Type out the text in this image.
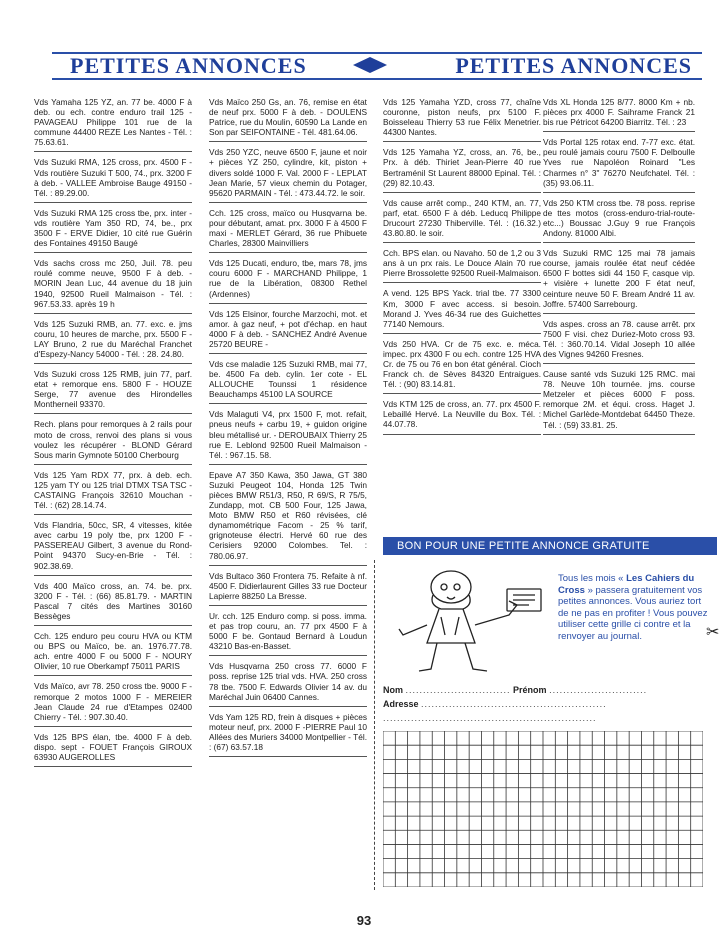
PETITES ANNONCES	PETITES ANNONCES

Vds Yamaha 125 YZ, an. 77 be. 4000 F à deb. ou ech. contre enduro trail 125 - PAVAGEAU Philippe 101 rue de la commune 44400 REZE Les Nantes - Tél. : 75.63.61.

Vds Suzuki RMA, 125 cross, prx. 4500 F - Vds routière Suzuki T 500, 74., prx. 3200 F à deb. - VALLEE Ambroise Bauge 49150 - Tél. : 89.29.00.

Vds Suzuki RMA 125 cross tbe, prx. inter - vds routière Yam 350 RD, 74, be., prx 3500 F - ERVE Didier, 10 cité rue Guérin des Fontaines 49150 Baugé

Vds sachs cross mc 250, Juil. 78. peu roulé comme neuve, 9500 F à deb. - MORIN Jean Luc, 44 avenue du 18 juin 1940, 92500 Rueil Malmaison - Tél. : 967.53.33. après 19 h

Vds 125 Suzuki RMB, an. 77. exc. e. jms couru, 10 heures de marche, prx. 5500 F - LAY Bruno, 2 rue du Maréchal Franchet d'Espezy-Nancy 54000 - Tél. : 28. 24.80.

Vds Suzuki cross 125 RMB, juin 77, parf. etat + remorque ens. 5800 F - HOUZE Serge, 77 avenue des Hirondelles Montherneil 93370.

Rech. plans pour remorques à 2 rails pour moto de cross, renvoi des plans si vous voulez les récupérer - BLOND Gérard Sous marin Gymnote 50100 Cherbourg

Vds 125 Yam RDX 77, prx. à deb. ech. 125 yam TY ou 125 trial DTMX TSA TSC - CASTAING François 32610 Mouchan - Tél. : (62) 28.14.74.

Vds Flandria, 50cc, SR, 4 vitesses, kitée avec carbu 19 poly tbe, prx 1200 F - PASSEREAU Gilbert, 3 avenue du Rond-Point 94370 Sucy-en-Brie - Tél. : 902.38.69.

Vds 400 Maïco cross, an. 74. be. prx. 3200 F - Tél. : (66) 85.81.79. - MARTIN Pascal 7 cités des Martines 30160 Bessèges

Cch. 125 enduro peu couru HVA ou KTM ou BPS ou Maïco, be. an. 1976.77.78. ach. entre 4000 F ou 5000 F - NOURY Olivier, 10 rue Oberkampf 75011 PARIS

Vds Maïco, avr 78. 250 cross tbe. 9000 F - remorque 2 motos 1000 F - MEREIER Jean Claude 24 rue d'Etampes 02400 Chierry - Tél. : 907.30.40.

Vds 125 BPS élan, tbe. 4000 F à deb. dispo. sept - FOUET François GIROUX 63930 AUGEROLLES

Vds Maïco 250 Gs, an. 76, remise en état de neuf prx. 5000 F à deb. - DOULENS Patrice, rue du Moulin, 60590 La Lande en Son par SEIFONTAINE - Tél. 481.64.06.

Vds 250 YZC, neuve 6500 F, jaune et noir + pièces YZ 250, cylindre, kit, piston + divers soldé 1000 F. Val. 2000 F - LEPLAT Jean Marie, 57 vieux chemin du Potager, 95620 PARMAIN - Tél. : 473.44.72. le soir.

Cch. 125 cross, maïco ou Husqvarna be. pour débutant, amat. prx. 3000 F à 4500 F maxi - MERLET Gérard, 36 rue Phibuete Charles, 28300 Mainvilliers

Vds 125 Ducati, enduro, tbe, mars 78, jms couru 6000 F - MARCHAND Philippe, 1 rue de la Libération, 08300 Rethel (Ardennes)

Vds 125 Elsinor, fourche Marzochi, mot. et amor. à gaz neuf, + pot d'échap. en haut 4000 F à deb. - SANCHEZ André Avenue 25720 BEURE -

Vds cse maladie 125 Suzuki RMB, mai 77, be. 4500 Fa deb. cylin. 1er cote - EL ALLOUCHE Tounssi 1 résidence Beauchamps 45100 LA SOURCE

Vds Malaguti V4, prx 1500 F, mot. refait, pneus neufs + carbu 19, + guidon origine bleu métallisé ur. - DEROUBAIX Thierry 25 rue E. Leblond 92500 Rueil Malmaison - Tél. : 967.15. 58.

Epave A7 350 Kawa, 350 Jawa, GT 380 Suzuki Peugeot 104, Honda 125 Twin pièces BMW R51/3, R50, R 69/S, R 75/5, Zundapp, mot. CB 500 Four, 125 Jawa, Moto BMW R50 et R60 révisées, clé dynamométrique Facom - 25 % tarif, grignoteuse électri. Hervé 60 rue des Cerisiers 92000 Colombes. Tel. : 780.06.97.

Vds Bultaco 360 Frontera 75. Refaite à nf. 4500 F. Didierlaurent Gilles 33 rue Docteur Lapierre 88250 La Bresse.

Ur. cch. 125 Enduro comp. si poss. imma. et pas trop couru, an. 77 prx 4500 F à 5000 F be. Gontaud Bernard à Loudun 43210 Bas-en-Basset.

Vds Husqvarna 250 cross 77. 6000 F poss. reprise 125 trial vds. HVA. 250 cross 78 tbe. 7500 F. Edwards Olivier 14 av. du Maréchal Juin 06400 Cannes.

Vds Yam 125 RD, frein à disques + pièces moteur neuf, prx. 2000 F -PIERRE Paul 10 Allées des Muriers 34000 Montpellier - Tél. : (67) 63.57.18

Vds 125 Yamaha YZD, cross 77, chaîne couronne, piston neufs, prx 5100 F. Boisseleau Thierry 53 rue Félix Menetrier. 44300 Nantes.

Vds 125 Yamaha YZ, cross, an. 76, be., Prx. à déb. Thiriet Jean-Pierre 40 rue Bertraménil St Laurent 88000 Epinal. Tél. : (29) 82.10.43.

Vds cause arrêt comp., 240 KTM, an. 77, parf, etat. 6500 F à déb. Leducq Philippe Drucourt 27230 Thiberville. Tél. : (16.32.) 43.80.80. le soir.

Cch. BPS elan. ou Navaho. 50 de 1,2 ou 3 ans à un prx rais. Le Douce Alain 70 rue Pierre Brossolette 92500 Rueil-Malmaison.

A vend. 125 BPS Yack. trial tbe. 77 3300 Km, 3000 F avec access. si besoin. Morand J. Yves 46-34 rue des Guichettes 77140 Nemours.

Vds 250 HVA. Cr de 75 exc. e. méca. impec. prx 4300 F ou ech. contre 125 HVA Cr. de 75 ou 76 en bon état général. Cioch Franck ch. de Sèves 84320 Entraigues. Tél. : (90) 83.14.81.

Vds KTM 125 de cross, an. 77. prx 4500 F. Lebaillé Hervé. La Neuville du Box. Tél. : 44.07.78.

Vds XL Honda 125 8/77. 8000 Km + nb. pièces prx 4000 F. Saihrame Franck 21 bis rue Pétricot 64200 Biarritz. Tél. : 23

Vds Portal 125 rotax end. 7-77 exc. état. peu roulé jamais couru 7500 F. Delboulle Yves rue Napoléon Roinard "Les Charmes n° 3" 76270 Neufchatel. Tél. : (35) 93.06.11.

Vds 250 KTM cross tbe. 78 poss. reprise de ttes motos (cross-enduro-trial-route-etc...) Boussac J.Guy 9 rue François Andony. 81000 Albi.

Vds Suzuki RMC 125 mai 78 jamais course, jamais roulée état neuf cédée 6500 F bottes sidi 44 150 F, casque vip. + visière + lunette 200 F état neuf, ceinture neuve 50 F. Bream André 11 av. Joffre. 57400 Sarrebourg.

Vds aspes. cross an 78. cause arrêt. prx 7500 F visi. chez Duriez-Moto cross 93. Tél. : 360.70.14. Vidal Joseph 10 allée des Vignes 94260 Fresnes.

Cause santé vds Suzuki 125 RMC. mai 78. Neuve 10h tournée. jms. course Metzeler et pièces 6000 F poss. remorque 2M. et équi. cross. Haget J. Michel Garlède-Montdebat 64450 Theze. Tél. : (59) 33.81. 25.

BON POUR UNE PETITE ANNONCE GRATUITE
Tous les mois « Les Cahiers du Cross » passera gratuitement vos petites annonces. Vous auriez tort de ne pas en profiter ! Vous pouvez utiliser cette grille ci contre et la renvoyer au journal.	✂
Nom .............................. Prénom ............................
Adresse .....................................................
.............................................................
93
